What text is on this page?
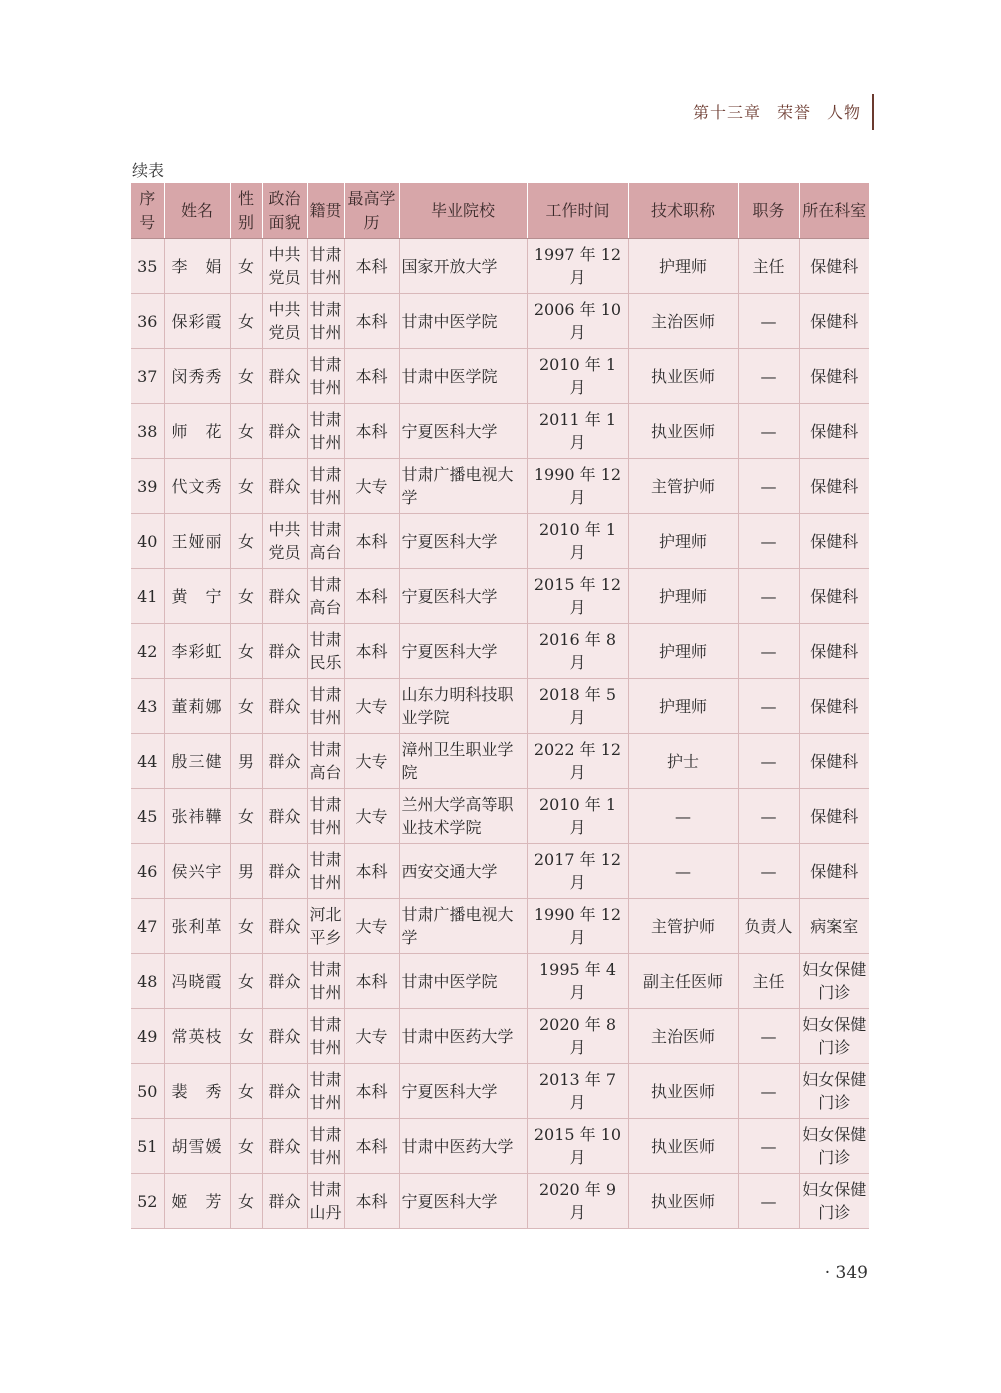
第十三章 荣誉 人物
续表
序号	姓名	性别	政治面貌	籍贯	最高学历	毕业院校	工作时间	技术职称	职务	所在科室
35	李　娟	女	中共党员	甘肃甘州	本科	国家开放大学	1997 年 12 月	护理师	主任	保健科
36	保彩霞	女	中共党员	甘肃甘州	本科	甘肃中医学院	2006 年 10 月	主治医师	—	保健科
37	闵秀秀	女	群众	甘肃甘州	本科	甘肃中医学院	2010 年 1 月	执业医师	—	保健科
38	师　花	女	群众	甘肃甘州	本科	宁夏医科大学	2011 年 1 月	执业医师	—	保健科
39	代文秀	女	群众	甘肃甘州	大专	甘肃广播电视大学	1990 年 12 月	主管护师	—	保健科
40	王娅丽	女	中共党员	甘肃高台	本科	宁夏医科大学	2010 年 1 月	护理师	—	保健科
41	黄　宁	女	群众	甘肃高台	本科	宁夏医科大学	2015 年 12 月	护理师	—	保健科
42	李彩虹	女	群众	甘肃民乐	本科	宁夏医科大学	2016 年 8 月	护理师	—	保健科
43	董莉娜	女	群众	甘肃甘州	大专	山东力明科技职业学院	2018 年 5 月	护理师	—	保健科
44	殷三健	男	群众	甘肃高台	大专	漳州卫生职业学院	2022 年 12 月	护士	—	保健科
45	张祎鞾	女	群众	甘肃甘州	大专	兰州大学高等职业技术学院	2010 年 1 月	—	—	保健科
46	侯兴宇	男	群众	甘肃甘州	本科	西安交通大学	2017 年 12 月	—	—	保健科
47	张利革	女	群众	河北平乡	大专	甘肃广播电视大学	1990 年 12 月	主管护师	负责人	病案室
48	冯晓霞	女	群众	甘肃甘州	本科	甘肃中医学院	1995 年 4 月	副主任医师	主任	妇女保健门诊
49	常英枝	女	群众	甘肃甘州	大专	甘肃中医药大学	2020 年 8 月	主治医师	—	妇女保健门诊
50	裴　秀	女	群众	甘肃甘州	本科	宁夏医科大学	2013 年 7 月	执业医师	—	妇女保健门诊
51	胡雪媛	女	群众	甘肃甘州	本科	甘肃中医药大学	2015 年 10 月	执业医师	—	妇女保健门诊
52	姬　芳	女	群众	甘肃山丹	本科	宁夏医科大学	2020 年 9 月	执业医师	—	妇女保健门诊
· 349
